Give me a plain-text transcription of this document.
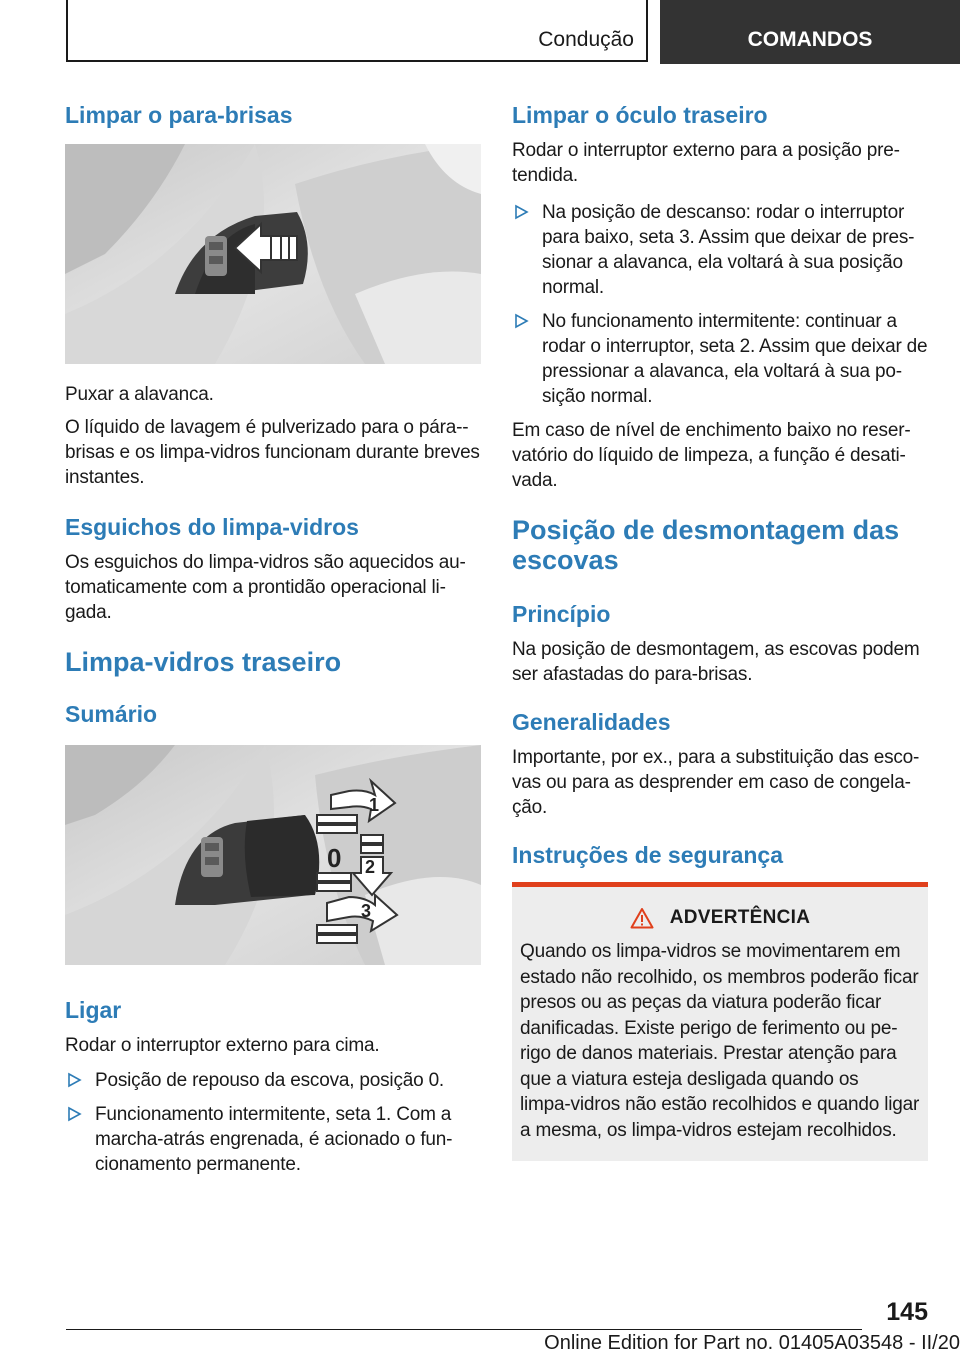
Condução	COMANDOS
Limpar o para-brisas

Puxar a alavanca.

O líquido de lavagem é pulverizado para o pára-brisas e os limpa-vidros funcionam durante breves instantes.

Esguichos do limpa-vidros

Os esguichos do limpa-vidros são aquecidos automaticamente com a prontidão operacional ligada.

Limpa-vidros traseiro
Sumário
1
0 2
3
Ligar

Rodar o interruptor externo para cima.

Posição de repouso da escova, posição 0.
Funcionamento intermitente, seta 1. Com a marcha-atrás engrenada, é acionado o funcionamento permanente.
Limpar o óculo traseiro

Rodar o interruptor externo para a posição pretendida.

Na posição de descanso: rodar o interruptor para baixo, seta 3. Assim que deixar de pressionar a alavanca, ela voltará à sua posição normal.
No funcionamento intermitente: continuar a rodar o interruptor, seta 2. Assim que deixar de pressionar a alavanca, ela voltará à sua posição normal.

Em caso de nível de enchimento baixo no reservatório do líquido de limpeza, a função é desativada.

Posição de desmontagem das escovas
Princípio

Na posição de desmontagem, as escovas podem ser afastadas do para-brisas.

Generalidades

Importante, por ex., para a substituição das escovas ou para as desprender em caso de congelação.

Instruções de segurança
ADVERTÊNCIA

Quando os limpa-vidros se movimentarem em estado não recolhido, os membros poderão ficar presos ou as peças da viatura poderão ficar danificadas. Existe perigo de ferimento ou perigo de danos materiais. Prestar atenção para que a viatura esteja desligada quando os limpa-vidros não estão recolhidos e quando ligar a mesma, os limpa-vidros estejam recolhidos.

145
Online Edition for Part no. 01405A03548 - II/20
